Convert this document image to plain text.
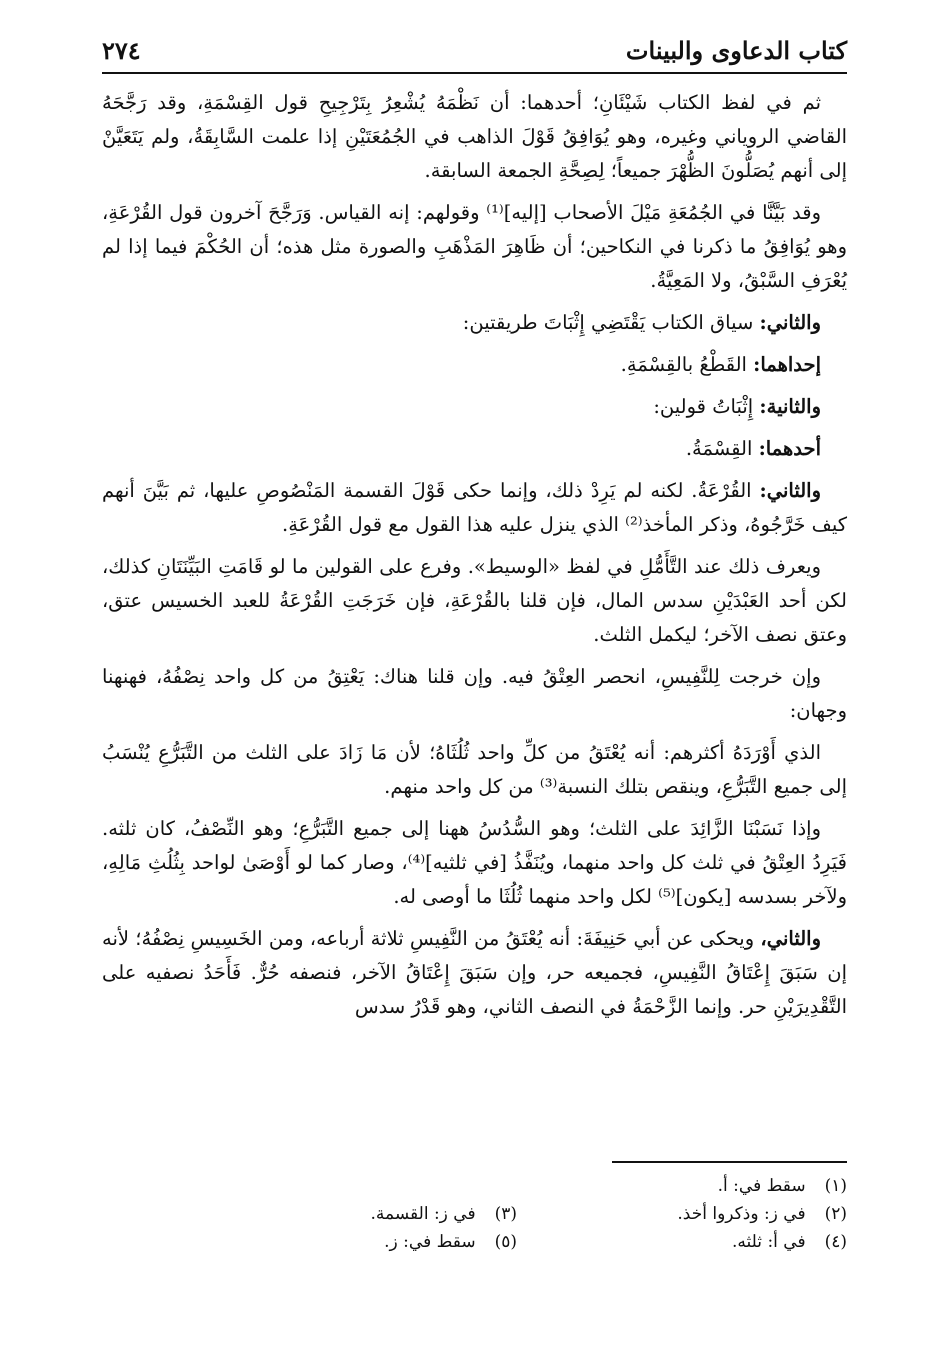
كتاب الدعاوى والبينات
٢٧٤

ثم في لفظ الكتاب شَيْئَانِ؛ أحدهما: أن نَظْمَهُ يُشْعِرُ بِتَرْجِيحِ قول القِسْمَةِ، وقد رَجَّحَهُ القاضي الروياني وغيره، وهو يُوَافِقُ قَوْلَ الذاهب في الجُمُعَتَيْنِ إذا علمت السَّابِقَةُ، ولم يَتَعَيَّنْ إلى أنهم يُصَلُّونَ الظُّهْرَ جميعاً؛ لِصِحَّةِ الجمعة السابقة.

وقد بَيَّنَّا في الجُمُعَةِ مَيْلَ الأصحاب [إليه]⁽¹⁾ وقولهم: إنه القياس. وَرَجَّحَ آخرون قول القُرْعَةِ، وهو يُوَافِقُ ما ذكرنا في النكاحين؛ أن ظَاهِرَ المَذْهَبِ والصورة مثل هذه؛ أن الحُكْمَ فيما إذا لم يُعْرَفِ السَّبْقُ، ولا المَعِيَّةُ.

والثاني: سياق الكتاب يَقْتَضِي إِثْبَاتَ طريقتين:

إحداهما: القَطْعُ بالقِسْمَةِ.

والثانية: إِثْبَاتُ قولين:

أحدهما: القِسْمَةُ.

والثاني: القُرْعَةُ. لكنه لم يَرِدْ ذلك، وإنما حكى قَوْلَ القسمة المَنْصُوصِ عليها، ثم بَيَّنَ أنهم كيف خَرَّجُوهُ، وذكر المأخذ⁽²⁾ الذي ينزل عليه هذا القول مع قول القُرْعَةِ.

ويعرف ذلك عند التَّأَمُّلِ في لفظ «الوسيط». وفرع على القولين ما لو قَامَتِ البَيِّنَتَانِ كذلك، لكن أحد العَبْدَيْنِ سدس المال، فإن قلنا بالقُرْعَةِ، فإن خَرَجَتِ القُرْعَةُ للعبد الخسيس عتق، وعتق نصف الآخر؛ ليكمل الثلث.

وإن خرجت لِلنَّفِيسِ، انحصر العِتْقُ فيه. وإن قلنا هناك: يَعْتِقُ من كل واحد نِصْفُهُ، فهنهنا وجهان:

الذي أَوْرَدَهُ أكثرهم: أنه يُعْتَقُ من كلِّ واحد ثُلُثَاهُ؛ لأن مَا زَادَ على الثلث من التَّبَرُّعِ يُنْسَبُ إلى جميع التَّبَرُّعِ، وينقص بتلك النسبة⁽³⁾ من كل واحد منهم.

وإذا نَسَبْنَا الزَّائِدَ على الثلث؛ وهو السُّدُسُ ههنا إلى جميع التَّبَرُّعِ؛ وهو النِّصْفُ، كان ثلثه. فَيَرِدُ العِتْقُ في ثلث كل واحد منهما، ويُنَفَّذُ [في ثلثيه]⁽⁴⁾، وصار كما لو أَوْصَىٰ لواحد بِثُلُثِ مَالِهِ، ولآخر بسدسه [يكون]⁽⁵⁾ لكل واحد منهما ثُلُثَا ما أوصى له.

والثاني، ويحكى عن أبي حَنِيفَةَ: أنه يُعْتَقُ من النَّفِيسِ ثلاثة أرباعه، ومن الخَسِيسِ نِصْفُهُ؛ لأنه إن سَبَقَ إِعْتَاقُ النَّفِيسِ، فجميعه حر، وإن سَبَقَ إِعْتَاقُ الآخر، فنصفه حُرٌّ. فَأَحَدُ نصفيه على التَّقْدِيرَيْنِ حر. وإنما الزَّحْمَةُ في النصف الثاني، وهو قَدْرُ سدس

(١) سقط في: أ.
(٢) في ز: وذكروا أخذ.
(٤) في أ: ثلثه.
(٣) في ز: القسمة.
(٥) سقط في: ز.
